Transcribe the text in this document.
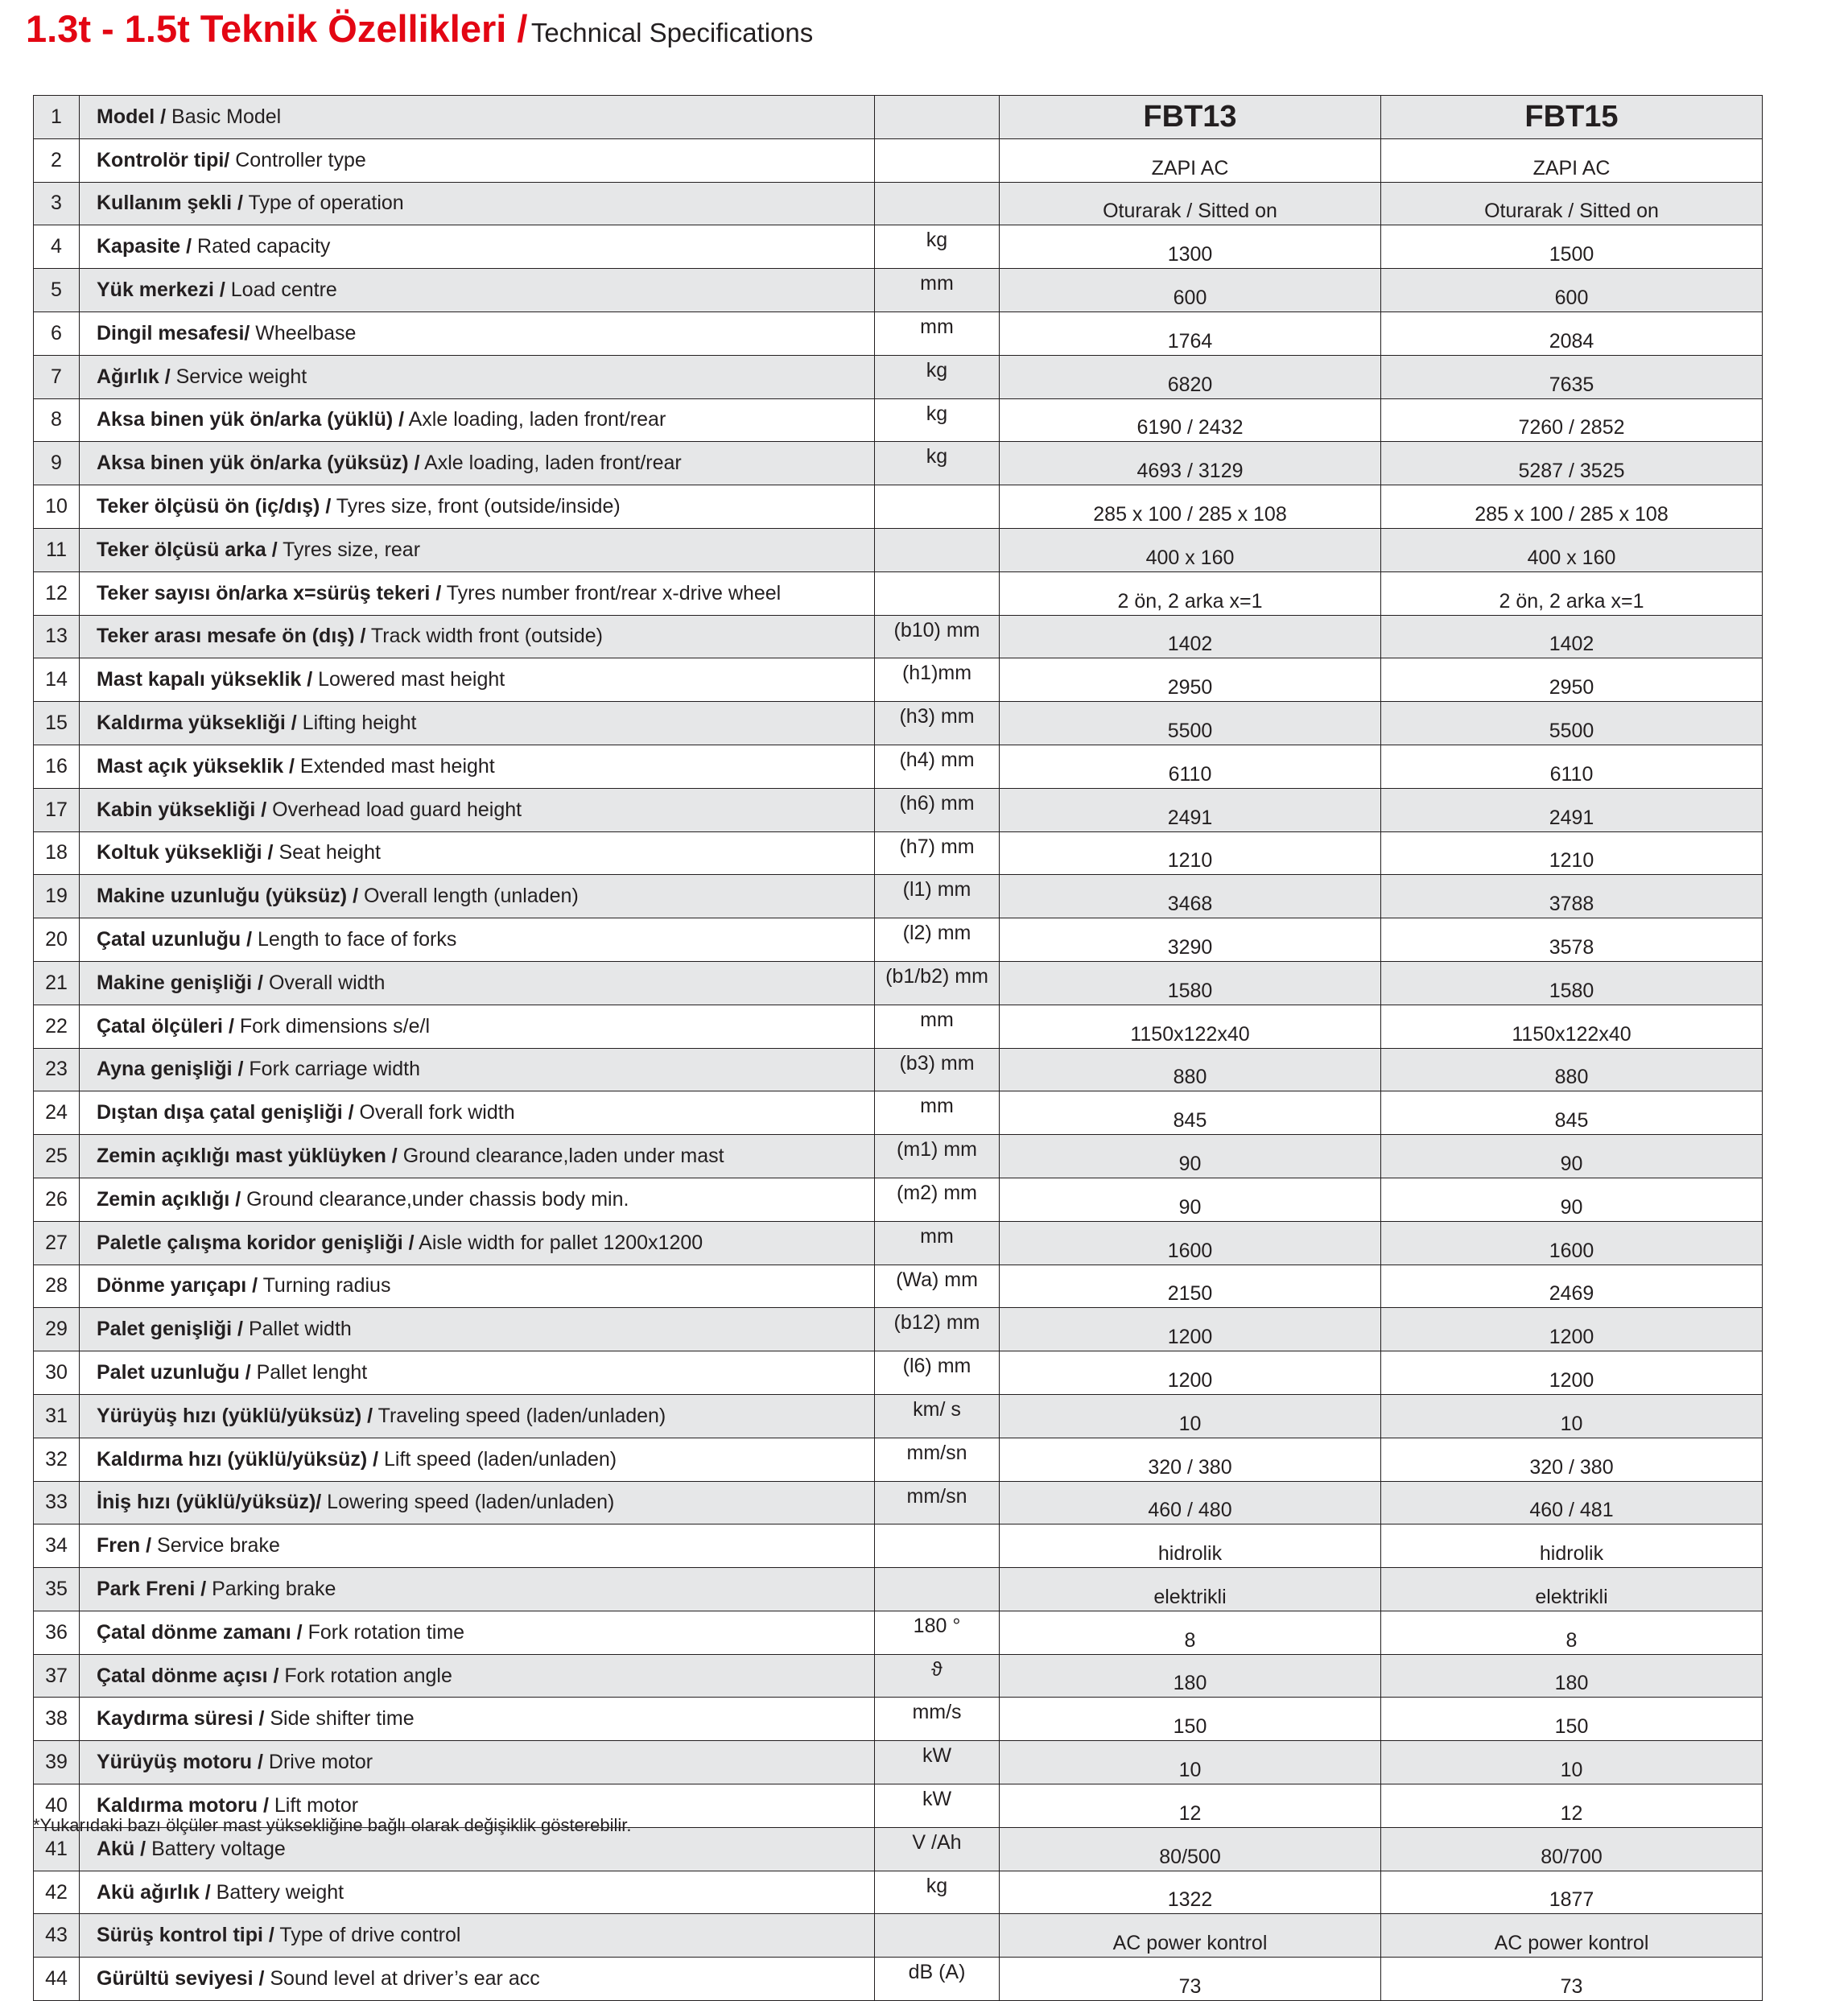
1.3t - 1.5t Teknik Özellikleri / Technical Specifications
1	Model / Basic Model		FBT13	FBT15
2	Kontrolör tipi/ Controller type		ZAPI AC	ZAPI AC
3	Kullanım şekli / Type of operation		Oturarak / Sitted on	Oturarak / Sitted on
4	Kapasite / Rated capacity	kg	1300	1500
5	Yük merkezi / Load centre	mm	600	600
6	Dingil mesafesi/ Wheelbase	mm	1764	2084
7	Ağırlık / Service weight	kg	6820	7635
8	Aksa binen yük ön/arka (yüklü) / Axle loading, laden front/rear	kg	6190 / 2432	7260 / 2852
9	Aksa binen yük ön/arka (yüksüz) / Axle loading, laden front/rear	kg	4693 / 3129	5287 / 3525
10	Teker ölçüsü ön (iç/dış) / Tyres size, front (outside/inside)		285 x 100 / 285 x 108	285 x 100 / 285 x 108
11	Teker ölçüsü arka / Tyres size, rear		400 x 160	400 x 160
12	Teker sayısı ön/arka x=sürüş tekeri / Tyres number front/rear x-drive wheel		2 ön, 2 arka x=1	2 ön, 2 arka x=1
13	Teker arası mesafe ön (dış) / Track width front (outside)	(b10) mm	1402	1402
14	Mast kapalı yükseklik / Lowered mast height	(h1)mm	2950	2950
15	Kaldırma yüksekliği / Lifting height	(h3) mm	5500	5500
16	Mast açık yükseklik / Extended mast height	(h4) mm	6110	6110
17	Kabin yüksekliği / Overhead load guard height	(h6) mm	2491	2491
18	Koltuk yüksekliği / Seat height	(h7) mm	1210	1210
19	Makine uzunluğu (yüksüz) / Overall length (unladen)	(l1) mm	3468	3788
20	Çatal uzunluğu / Length to face of forks	(l2) mm	3290	3578
21	Makine genişliği / Overall width	(b1/b2) mm	1580	1580
22	Çatal ölçüleri / Fork dimensions s/e/l	mm	1150x122x40	1150x122x40
23	Ayna genişliği / Fork carriage width	(b3) mm	880	880
24	Dıştan dışa çatal genişliği / Overall fork width	mm	845	845
25	Zemin açıklığı mast yüklüyken / Ground clearance,laden under mast	(m1) mm	90	90
26	Zemin açıklığı / Ground clearance,under chassis body min.	(m2) mm	90	90
27	Paletle çalışma koridor genişliği / Aisle width for pallet 1200x1200	mm	1600	1600
28	Dönme yarıçapı / Turning radius	(Wa) mm	2150	2469
29	Palet genişliği / Pallet width	(b12) mm	1200	1200
30	Palet uzunluğu / Pallet lenght	(l6) mm	1200	1200
31	Yürüyüş hızı (yüklü/yüksüz) / Traveling speed (laden/unladen)	km/ s	10	10
32	Kaldırma hızı (yüklü/yüksüz) / Lift speed (laden/unladen)	mm/sn	320 / 380	320 / 380
33	İniş hızı (yüklü/yüksüz)/ Lowering speed (laden/unladen)	mm/sn	460 / 480	460 / 481
34	Fren / Service brake		hidrolik	hidrolik
35	Park Freni / Parking brake		elektrikli	elektrikli
36	Çatal dönme zamanı / Fork rotation time	180 °	8	8
37	Çatal dönme açısı / Fork rotation angle	ϑ	180	180
38	Kaydırma süresi / Side shifter time	mm/s	150	150
39	Yürüyüş motoru / Drive motor	kW	10	10
40	Kaldırma motoru / Lift motor	kW	12	12
41	Akü / Battery voltage	V /Ah	80/500	80/700
42	Akü ağırlık / Battery weight	kg	1322	1877
43	Sürüş kontrol tipi / Type of drive control		AC power kontrol	AC power kontrol
44	Gürültü seviyesi / Sound level at driver’s ear acc	dB (A)	73	73
*Yukarıdaki bazı ölçüler mast yüksekliğine bağlı olarak değişiklik gösterebilir.
